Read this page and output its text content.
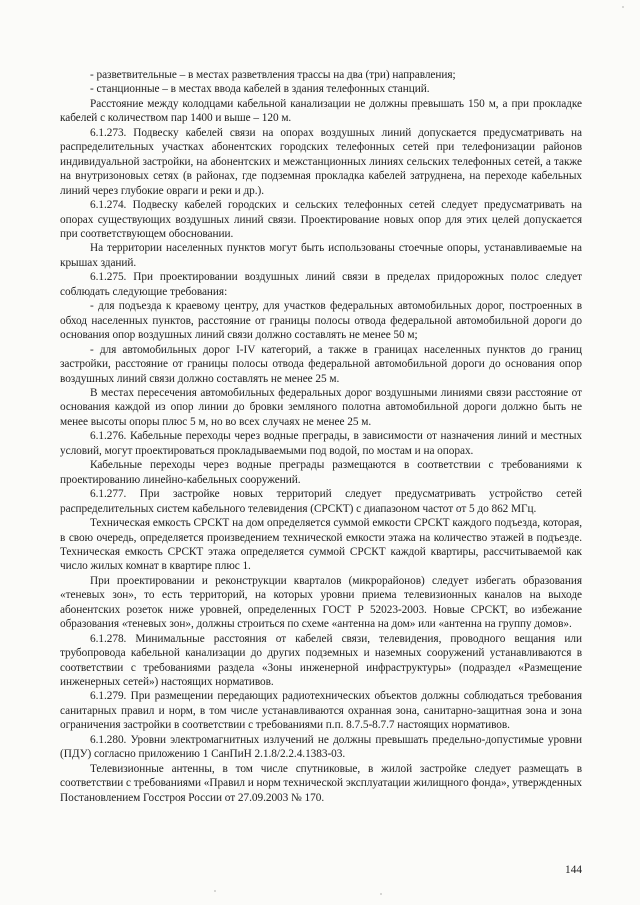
- разветвительные – в местах разветвления трассы на два (три) направления;

- станционные – в местах ввода кабелей в здания телефонных станций.

Расстояние между колодцами кабельной канализации не должны превышать 150 м, а при прокладке кабелей с количеством пар 1400 и выше – 120 м.

6.1.273. Подвеску кабелей связи на опорах воздушных линий допускается предусматривать на распределительных участках абонентских городских телефонных сетей при телефонизации районов индивидуальной застройки, на абонентских и межстанционных линиях сельских телефонных сетей, а также на внутризоновых сетях (в районах, где подземная прокладка кабелей затруднена, на переходе кабельных линий через глубокие овраги и реки и др.).

6.1.274. Подвеску кабелей городских и сельских телефонных сетей следует предусматривать на опорах существующих воздушных линий связи. Проектирование новых опор для этих целей допускается при соответствующем обосновании.

На территории населенных пунктов могут быть использованы стоечные опоры, устанавливаемые на крышах зданий.

6.1.275. При проектировании воздушных линий связи в пределах придорожных полос следует соблюдать следующие требования:

- для подъезда к краевому центру, для участков федеральных автомобильных дорог, построенных в обход населенных пунктов, расстояние от границы полосы отвода федеральной автомобильной дороги до основания опор воздушных линий связи должно составлять не менее 50 м;

- для автомобильных дорог I-IV категорий, а также в границах населенных пунктов до границ застройки, расстояние от границы полосы отвода федеральной автомобильной дороги до основания опор воздушных линий связи должно составлять не менее 25 м.

В местах пересечения автомобильных федеральных дорог воздушными линиями связи расстояние от основания каждой из опор линии до бровки земляного полотна автомобильной дороги должно быть не менее высоты опоры плюс 5 м, но во всех случаях не менее 25 м.

6.1.276. Кабельные переходы через водные преграды, в зависимости от назначения линий и местных условий, могут проектироваться прокладываемыми под водой, по мостам и на опорах.

Кабельные переходы через водные преграды размещаются в соответствии с требованиями к проектированию линейно-кабельных сооружений.

6.1.277. При застройке новых территорий следует предусматривать устройство сетей распределительных систем кабельного телевидения (СРСКТ) с диапазоном частот от 5 до 862 МГц.

Техническая емкость СРСКТ на дом определяется суммой емкости СРСКТ каждого подъезда, которая, в свою очередь, определяется произведением технической емкости этажа на количество этажей в подъезде. Техническая емкость СРСКТ этажа определяется суммой СРСКТ каждой квартиры, рассчитываемой как число жилых комнат в квартире плюс 1.

При проектировании и реконструкции кварталов (микрорайонов) следует избегать образования «теневых зон», то есть территорий, на которых уровни приема телевизионных каналов на выходе абонентских розеток ниже уровней, определенных ГОСТ Р 52023-2003. Новые СРСКТ, во избежание образования «теневых зон», должны строиться по схеме «антенна на дом» или «антенна на группу домов».

6.1.278. Минимальные расстояния от кабелей связи, телевидения, проводного вещания или трубопровода кабельной канализации до других подземных и наземных сооружений устанавливаются в соответствии с требованиями раздела «Зоны инженерной инфраструктуры» (подраздел «Размещение инженерных сетей») настоящих нормативов.

6.1.279. При размещении передающих радиотехнических объектов должны соблюдаться требования санитарных правил и норм, в том числе устанавливаются охранная зона, санитарно-защитная зона и зона ограничения застройки в соответствии с требованиями п.п. 8.7.5-8.7.7 настоящих нормативов.

6.1.280. Уровни электромагнитных излучений не должны превышать предельно-допустимые уровни (ПДУ) согласно приложению 1 СанПиН 2.1.8/2.2.4.1383-03.

Телевизионные антенны, в том числе спутниковые, в жилой застройке следует размещать в соответствии с требованиями «Правил и норм технической эксплуатации жилищного фонда», утвержденных Постановлением Госстроя России от 27.09.2003 № 170.

144
